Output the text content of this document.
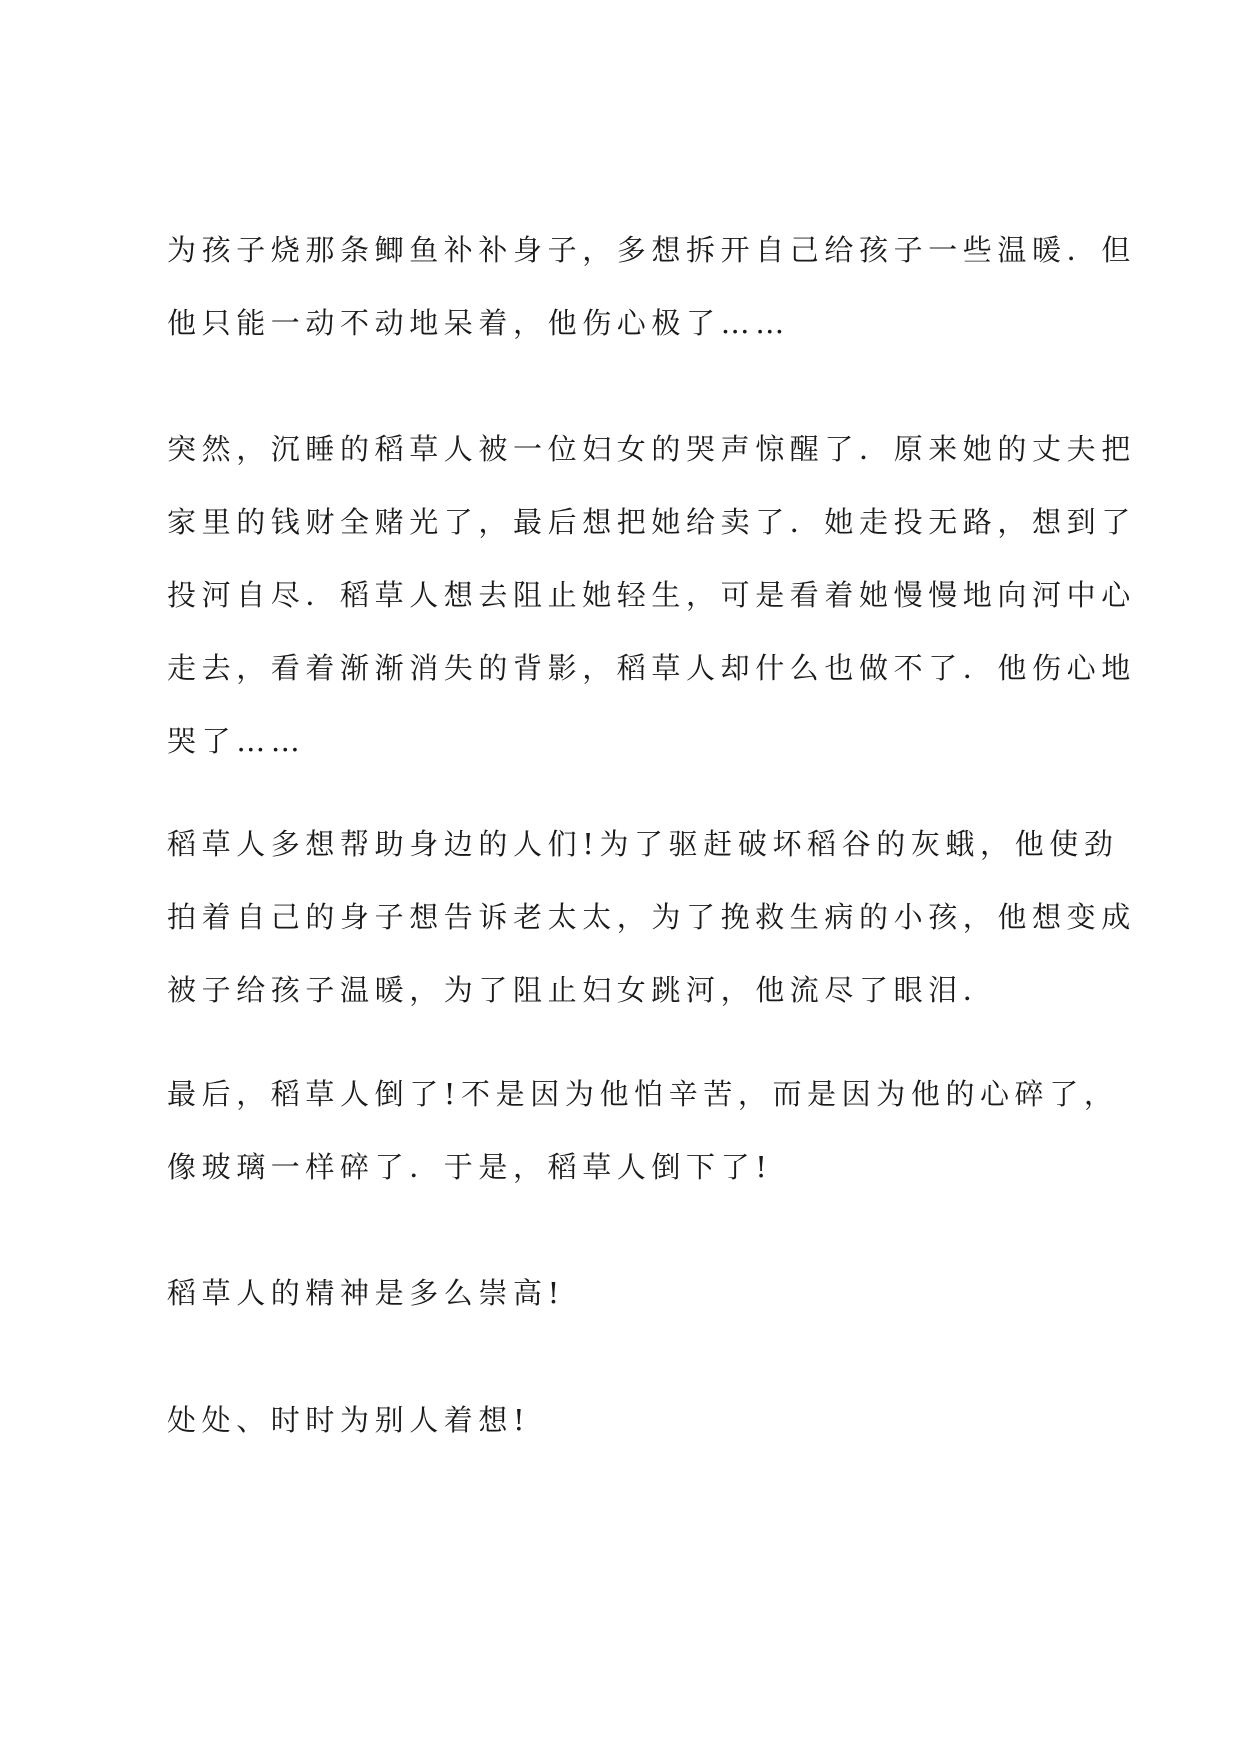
为孩子烧那条鲫鱼补补身子，多想拆开自己给孩子一些温暖．但
他只能一动不动地呆着，他伤心极了……

突然，沉睡的稻草人被一位妇女的哭声惊醒了．原来她的丈夫把
家里的钱财全赌光了，最后想把她给卖了．她走投无路，想到了
投河自尽．稻草人想去阻止她轻生，可是看着她慢慢地向河中心
走去，看着渐渐消失的背影，稻草人却什么也做不了．他伤心地
哭了……

稻草人多想帮助身边的人们!为了驱赶破坏稻谷的灰蛾，他使劲
拍着自己的身子想告诉老太太，为了挽救生病的小孩，他想变成
被子给孩子温暖，为了阻止妇女跳河，他流尽了眼泪．

最后，稻草人倒了!不是因为他怕辛苦，而是因为他的心碎了，
像玻璃一样碎了．于是，稻草人倒下了!

稻草人的精神是多么崇高!

处处、时时为别人着想!
